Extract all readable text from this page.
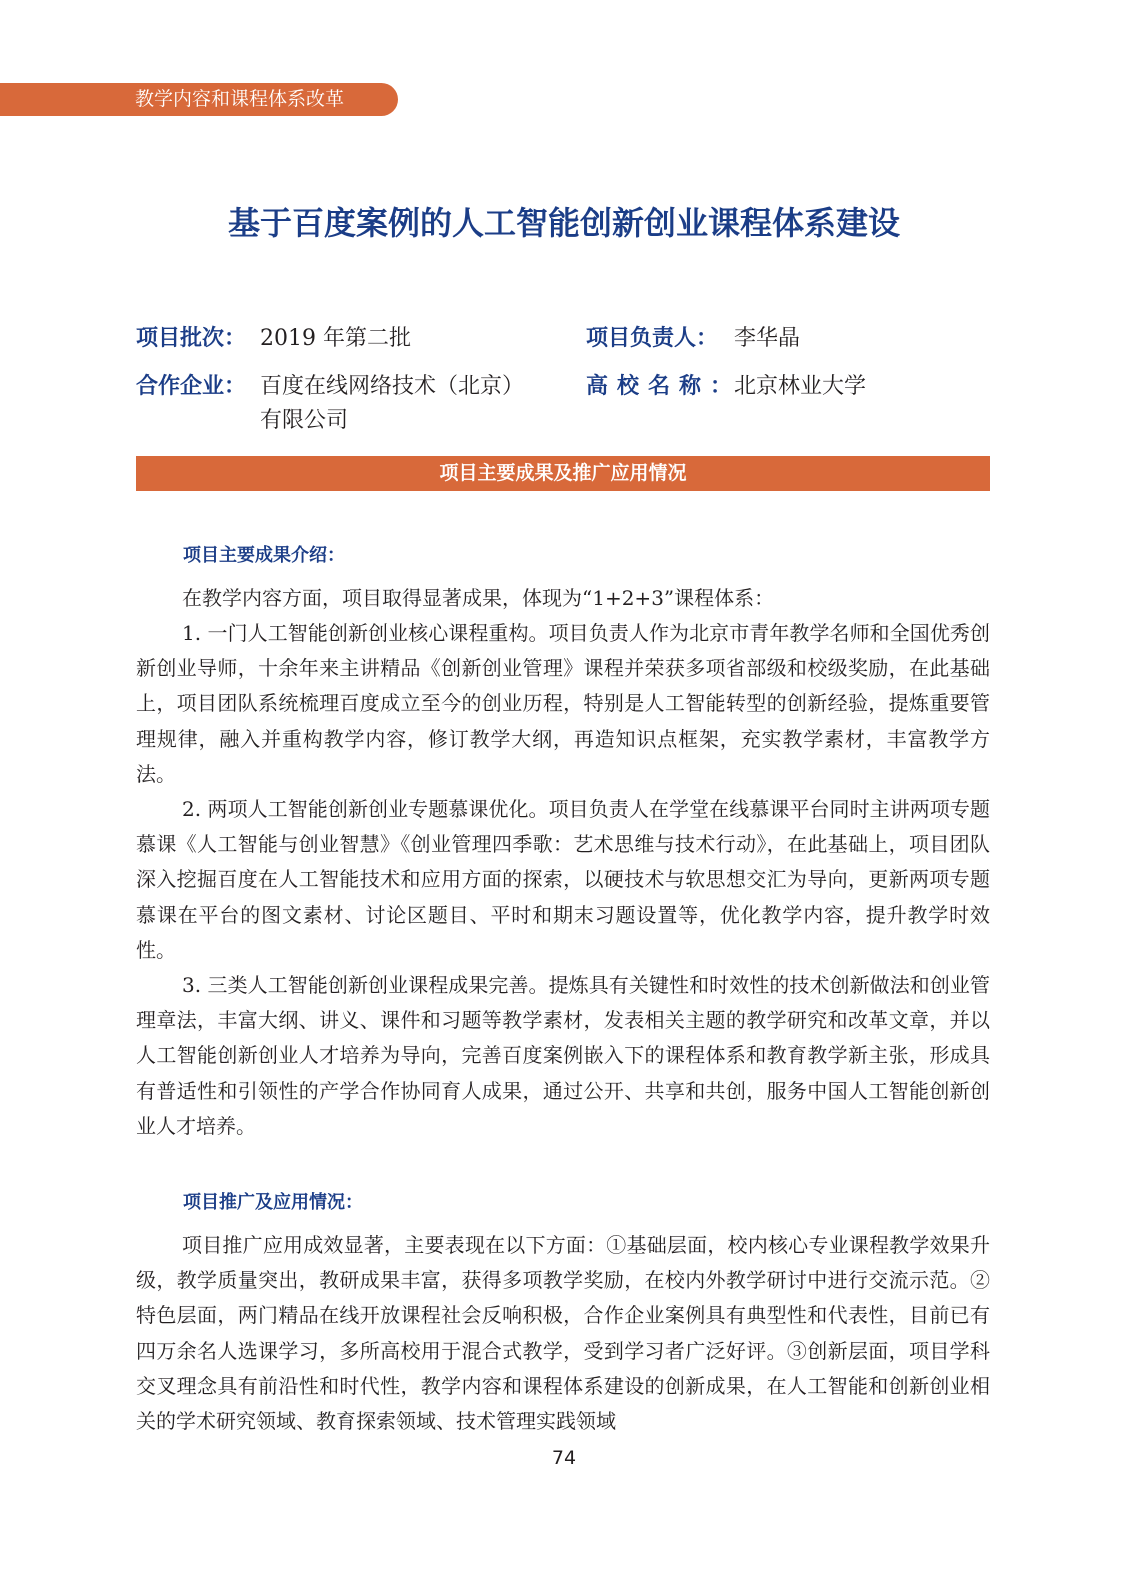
教学内容和课程体系改革
基于百度案例的人工智能创新创业课程体系建设
项目批次： 2019 年第二批	项目负责人： 李华晶
合作企业： 百度在线网络技术（北京）
有限公司
高校名称：
北京林业大学
项目主要成果及推广应用情况
项目主要成果介绍：

在教学内容方面，项目取得显著成果，体现为“1+2+3”课程体系：

1. 一门人工智能创新创业核心课程重构。项目负责人作为北京市青年教学名师和全国优秀创新创业导师，十余年来主讲精品《创新创业管理》课程并荣获多项省部级和校级奖励，在此基础上，项目团队系统梳理百度成立至今的创业历程，特别是人工智能转型的创新经验，提炼重要管理规律，融入并重构教学内容，修订教学大纲，再造知识点框架，充实教学素材，丰富教学方法。

2. 两项人工智能创新创业专题慕课优化。项目负责人在学堂在线慕课平台同时主讲两项专题慕课《人工智能与创业智慧》《创业管理四季歌：艺术思维与技术行动》，在此基础上，项目团队深入挖掘百度在人工智能技术和应用方面的探索，以硬技术与软思想交汇为导向，更新两项专题慕课在平台的图文素材、讨论区题目、平时和期末习题设置等，优化教学内容，提升教学时效性。

3. 三类人工智能创新创业课程成果完善。提炼具有关键性和时效性的技术创新做法和创业管理章法，丰富大纲、讲义、课件和习题等教学素材，发表相关主题的教学研究和改革文章，并以人工智能创新创业人才培养为导向，完善百度案例嵌入下的课程体系和教育教学新主张，形成具有普适性和引领性的产学合作协同育人成果，通过公开、共享和共创，服务中国人工智能创新创业人才培养。

项目推广及应用情况：

项目推广应用成效显著，主要表现在以下方面：①基础层面，校内核心专业课程教学效果升级，教学质量突出，教研成果丰富，获得多项教学奖励，在校内外教学研讨中进行交流示范。②特色层面，两门精品在线开放课程社会反响积极，合作企业案例具有典型性和代表性，目前已有四万余名人选课学习，多所高校用于混合式教学，受到学习者广泛好评。③创新层面，项目学科交叉理念具有前沿性和时代性，教学内容和课程体系建设的创新成果，在人工智能和创新创业相关的学术研究领域、教育探索领域、技术管理实践领域

74
